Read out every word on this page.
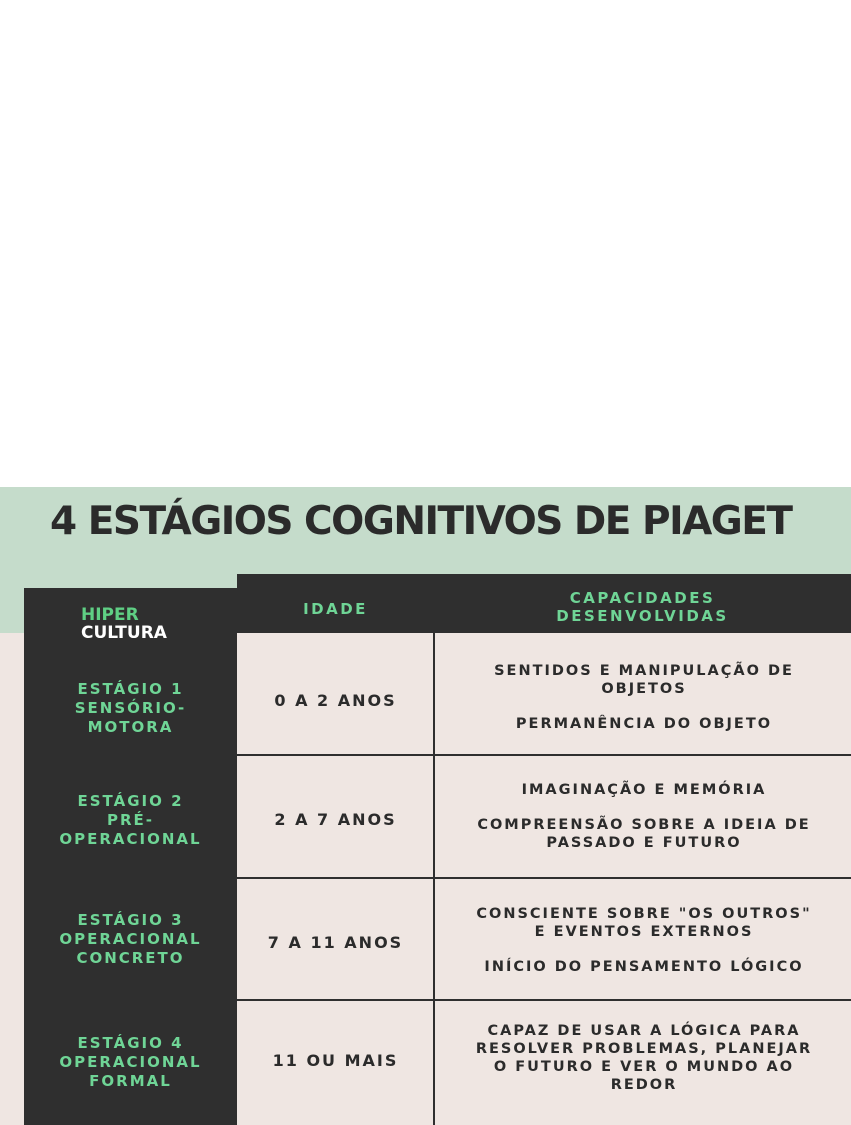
4 ESTÁGIOS COGNITIVOS DE PIAGET
HIPER
CULTURA
IDADE
CAPACIDADES
DESENVOLVIDAS
ESTÁGIO 1
SENSÓRIO-
MOTORA
0 A 2 ANOS
SENTIDOS E MANIPULAÇÃO DE
OBJETOS
PERMANÊNCIA DO OBJETO
ESTÁGIO 2
PRÉ-
OPERACIONAL
2 A 7 ANOS
IMAGINAÇÃO E MEMÓRIA
COMPREENSÃO SOBRE A IDEIA DE
PASSADO E FUTURO
ESTÁGIO 3
OPERACIONAL
CONCRETO
7 A 11 ANOS
CONSCIENTE SOBRE "OS OUTROS"
E EVENTOS EXTERNOS
INÍCIO DO PENSAMENTO LÓGICO
ESTÁGIO 4
OPERACIONAL
FORMAL
11 OU MAIS
CAPAZ DE USAR A LÓGICA PARA
RESOLVER PROBLEMAS, PLANEJAR
O FUTURO E VER O MUNDO AO
REDOR
